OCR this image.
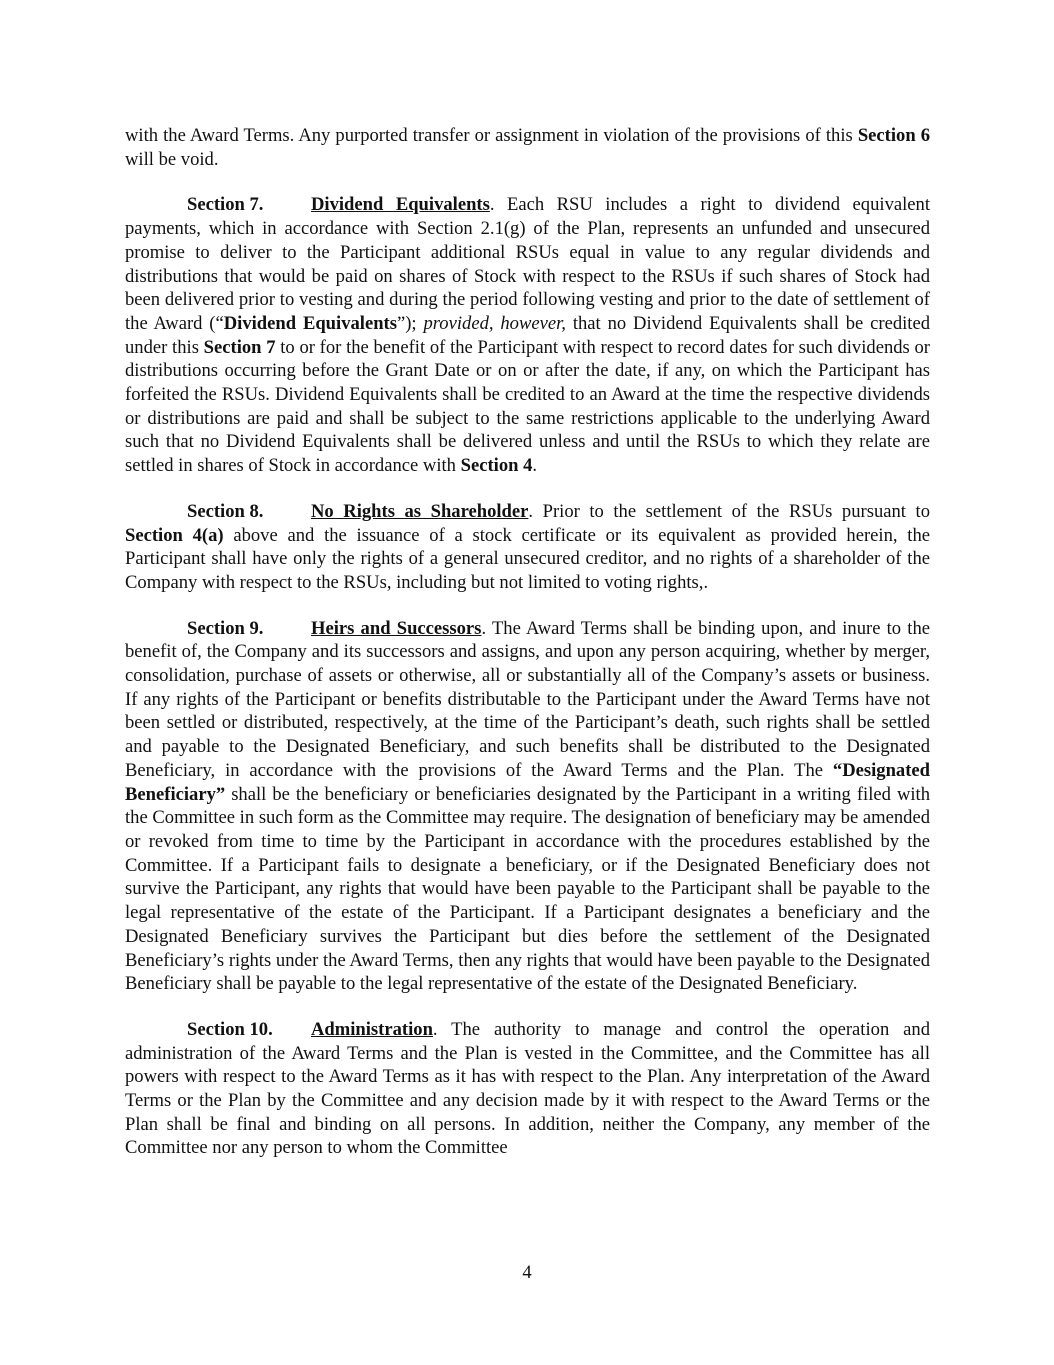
with the Award Terms. Any purported transfer or assignment in violation of the provisions of this Section 6 will be void.

Section 7.	Dividend Equivalents. Each RSU includes a right to dividend equivalent payments, which in accordance with Section 2.1(g) of the Plan, represents an unfunded and unsecured promise to deliver to the Participant additional RSUs equal in value to any regular dividends and distributions that would be paid on shares of Stock with respect to the RSUs if such shares of Stock had been delivered prior to vesting and during the period following vesting and prior to the date of settlement of the Award (“Dividend Equivalents”); provided, however, that no Dividend Equivalents shall be credited under this Section 7 to or for the benefit of the Participant with respect to record dates for such dividends or distributions occurring before the Grant Date or on or after the date, if any, on which the Participant has forfeited the RSUs. Dividend Equivalents shall be credited to an Award at the time the respective dividends or distributions are paid and shall be subject to the same restrictions applicable to the underlying Award such that no Dividend Equivalents shall be delivered unless and until the RSUs to which they relate are settled in shares of Stock in accordance with Section 4.

Section 8.	No Rights as Shareholder. Prior to the settlement of the RSUs pursuant to Section 4(a) above and the issuance of a stock certificate or its equivalent as provided herein, the Participant shall have only the rights of a general unsecured creditor, and no rights of a shareholder of the Company with respect to the RSUs, including but not limited to voting rights,.

Section 9.	Heirs and Successors. The Award Terms shall be binding upon, and inure to the benefit of, the Company and its successors and assigns, and upon any person acquiring, whether by merger, consolidation, purchase of assets or otherwise, all or substantially all of the Company’s assets or business. If any rights of the Participant or benefits distributable to the Participant under the Award Terms have not been settled or distributed, respectively, at the time of the Participant’s death, such rights shall be settled and payable to the Designated Beneficiary, and such benefits shall be distributed to the Designated Beneficiary, in accordance with the provisions of the Award Terms and the Plan. The “Designated Beneficiary” shall be the beneficiary or beneficiaries designated by the Participant in a writing filed with the Committee in such form as the Committee may require. The designation of beneficiary may be amended or revoked from time to time by the Participant in accordance with the procedures established by the Committee. If a Participant fails to designate a beneficiary, or if the Designated Beneficiary does not survive the Participant, any rights that would have been payable to the Participant shall be payable to the legal representative of the estate of the Participant. If a Participant designates a beneficiary and the Designated Beneficiary survives the Participant but dies before the settlement of the Designated Beneficiary’s rights under the Award Terms, then any rights that would have been payable to the Designated Beneficiary shall be payable to the legal representative of the estate of the Designated Beneficiary.

Section 10. Administration. The authority to manage and control the operation and administration of the Award Terms and the Plan is vested in the Committee, and the Committee has all powers with respect to the Award Terms as it has with respect to the Plan. Any interpretation of the Award Terms or the Plan by the Committee and any decision made by it with respect to the Award Terms or the Plan shall be final and binding on all persons. In addition, neither the Company, any member of the Committee nor any person to whom the Committee

4
